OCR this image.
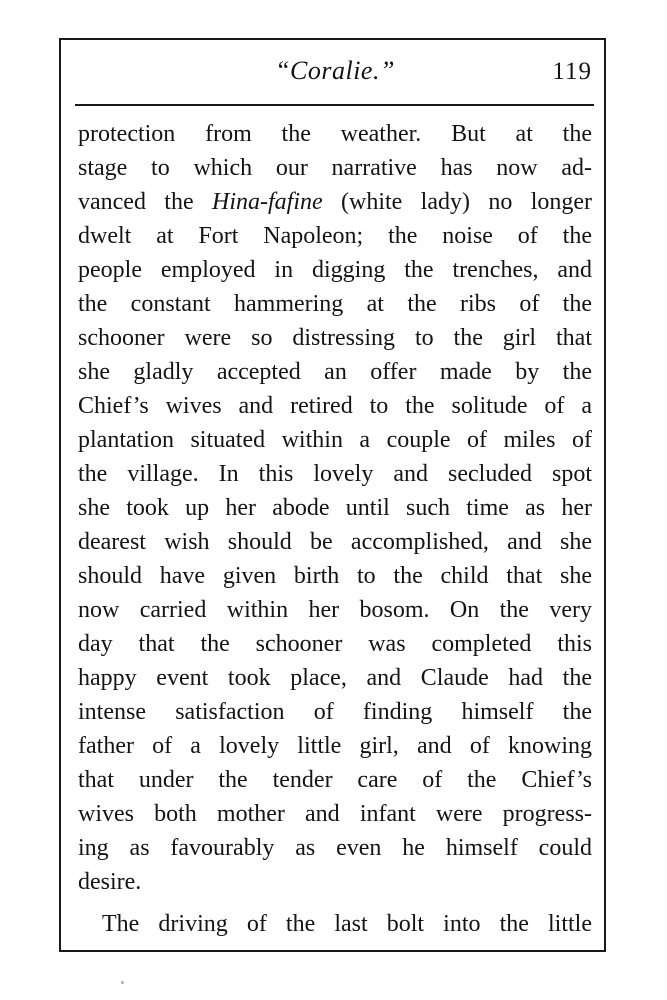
“Coralie.”	119
protection from the weather. But at the
stage to which our narrative has now ad-
vanced the Hina-fafine (white lady) no longer
dwelt at Fort Napoleon; the noise of the
people employed in digging the trenches, and
the constant hammering at the ribs of the
schooner were so distressing to the girl that
she gladly accepted an offer made by the
Chief’s wives and retired to the solitude of a
plantation situated within a couple of miles of
the village. In this lovely and secluded spot
she took up her abode until such time as her
dearest wish should be accomplished, and she
should have given birth to the child that she
now carried within her bosom. On the very
day that the schooner was completed this
happy event took place, and Claude had the
intense satisfaction of finding himself the
father of a lovely little girl, and of knowing
that under the tender care of the Chief’s
wives both mother and infant were progress-
ing as favourably as even he himself could
desire.
The driving of the last bolt into the little
